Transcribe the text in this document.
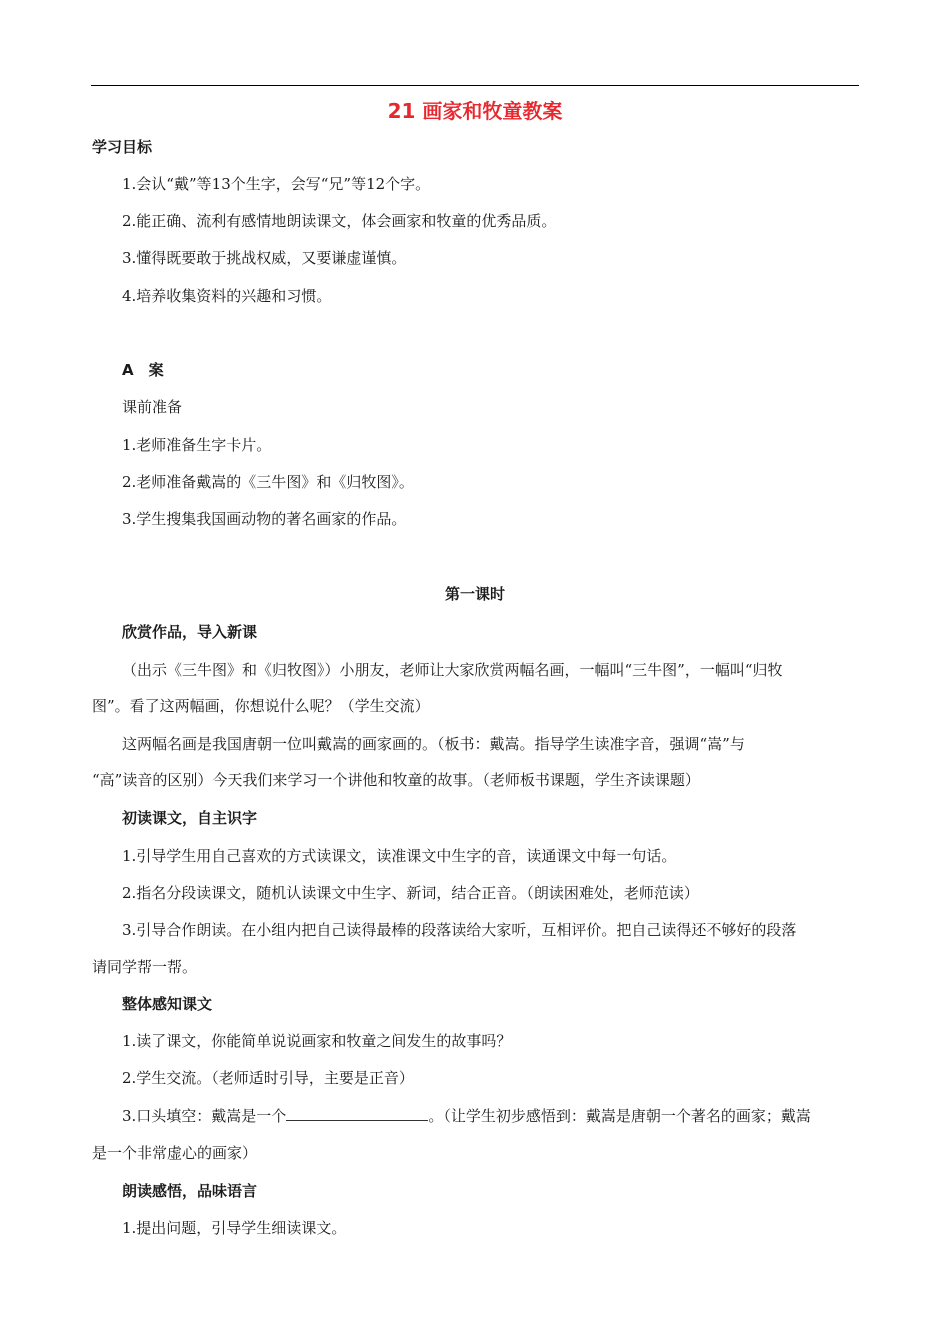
21 画家和牧童教案
学习目标
1.会认“戴”等13个生字，会写“兄”等12个字。
2.能正确、流利有感情地朗读课文，体会画家和牧童的优秀品质。
3.懂得既要敢于挑战权威，又要谦虚谨慎。
4.培养收集资料的兴趣和习惯。
A　案
课前准备
1.老师准备生字卡片。
2.老师准备戴嵩的《三牛图》和《归牧图》。
3.学生搜集我国画动物的著名画家的作品。
第一课时
欣赏作品，导入新课
（出示《三牛图》和《归牧图》）小朋友，老师让大家欣赏两幅名画，一幅叫“三牛图”，一幅叫“归牧
图”。看了这两幅画，你想说什么呢？（学生交流）
这两幅名画是我国唐朝一位叫戴嵩的画家画的。（板书：戴嵩。指导学生读准字音，强调“嵩”与
“高”读音的区别）今天我们来学习一个讲他和牧童的故事。（老师板书课题，学生齐读课题）
初读课文，自主识字
1.引导学生用自己喜欢的方式读课文，读准课文中生字的音，读通课文中每一句话。
2.指名分段读课文，随机认读课文中生字、新词，结合正音。（朗读困难处，老师范读）
3.引导合作朗读。在小组内把自己读得最棒的段落读给大家听，互相评价。把自己读得还不够好的段落
请同学帮一帮。
整体感知课文
1.读了课文，你能简单说说画家和牧童之间发生的故事吗？
2.学生交流。（老师适时引导，主要是正音）
3.口头填空：戴嵩是一个	。（让学生初步感悟到：戴嵩是唐朝一个著名的画家；戴嵩
是一个非常虚心的画家）
朗读感悟，品味语言
1.提出问题，引导学生细读课文。
